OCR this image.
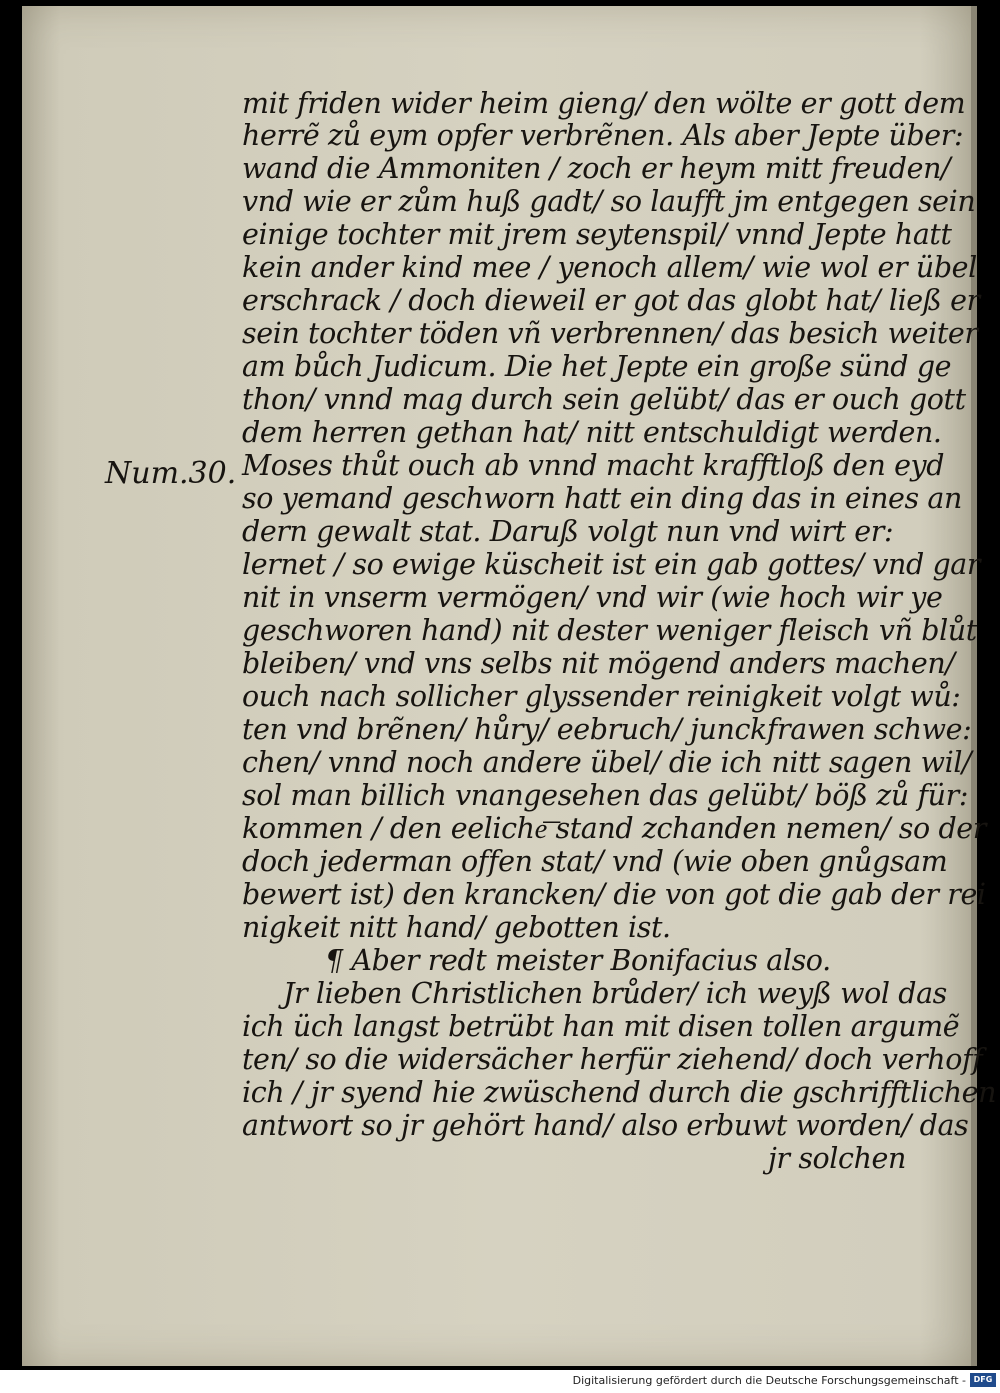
Num.30.
mit friden wider heim gieng/ den wölte er gott dem
herrẽ zů eym opfer verbrẽnen. Als aber Jepte über:
wand die Ammoniten / zoch er heym mitt freuden/
vnd wie er zům huß gadt/ so laufft jm entgegen sein
einige tochter mit jrem seytenspil/ vnnd Jepte hatt
kein ander kind mee / yenoch allem/ wie wol er übel
erschrack / doch dieweil er got das globt hat/ ließ er
sein tochter töden vñ verbrennen/ das besich weiter
am bůch Judicum. Die het Jepte ein große sünd ge
thon/ vnnd mag durch sein gelübt/ das er ouch gott
dem herren gethan hat/ nitt entschuldigt werden.
Moses thůt ouch ab vnnd macht krafftloß den eyd
so yemand geschworn hatt ein ding das in eines an
dern gewalt stat. Daruß volgt nun vnd wirt er:
lernet / so ewige küscheit ist ein gab gottes/ vnd gar
nit in vnserm vermögen/ vnd wir (wie hoch wir ye
geschworen hand) nit dester weniger fleisch vñ blůt
bleiben/ vnd vns selbs nit mögend anders machen/
ouch nach sollicher glyssender reinigkeit volgt wů:
ten vnd brẽnen/ hůry/ eebruch/ junckfrawen schwe:
chen/ vnnd noch andere übel/ die ich nitt sagen wil/
sol man billich vnangesehen das gelübt/ böß zů für:
kommen / den eeliche͞ stand zchanden nemen/ so der
doch jederman offen stat/ vnd (wie oben gnůgsam
bewert ist) den krancken/ die von got die gab der rei
nigkeit nitt hand/ gebotten ist.
¶ Aber redt meister Bonifacius also.
Jr lieben Christlichen brůder/ ich weyß wol das
ich üch langst betrübt han mit disen tollen argumẽ
ten/ so die widersächer herfür ziehend/ doch verhoff
ich / jr syend hie zwüschend durch die gschrifftlichen
antwort so jr gehört hand/ also erbuwt worden/ das
jr solchen
Digitalisierung gefördert durch die Deutsche Forschungsgemeinschaft - DFG
